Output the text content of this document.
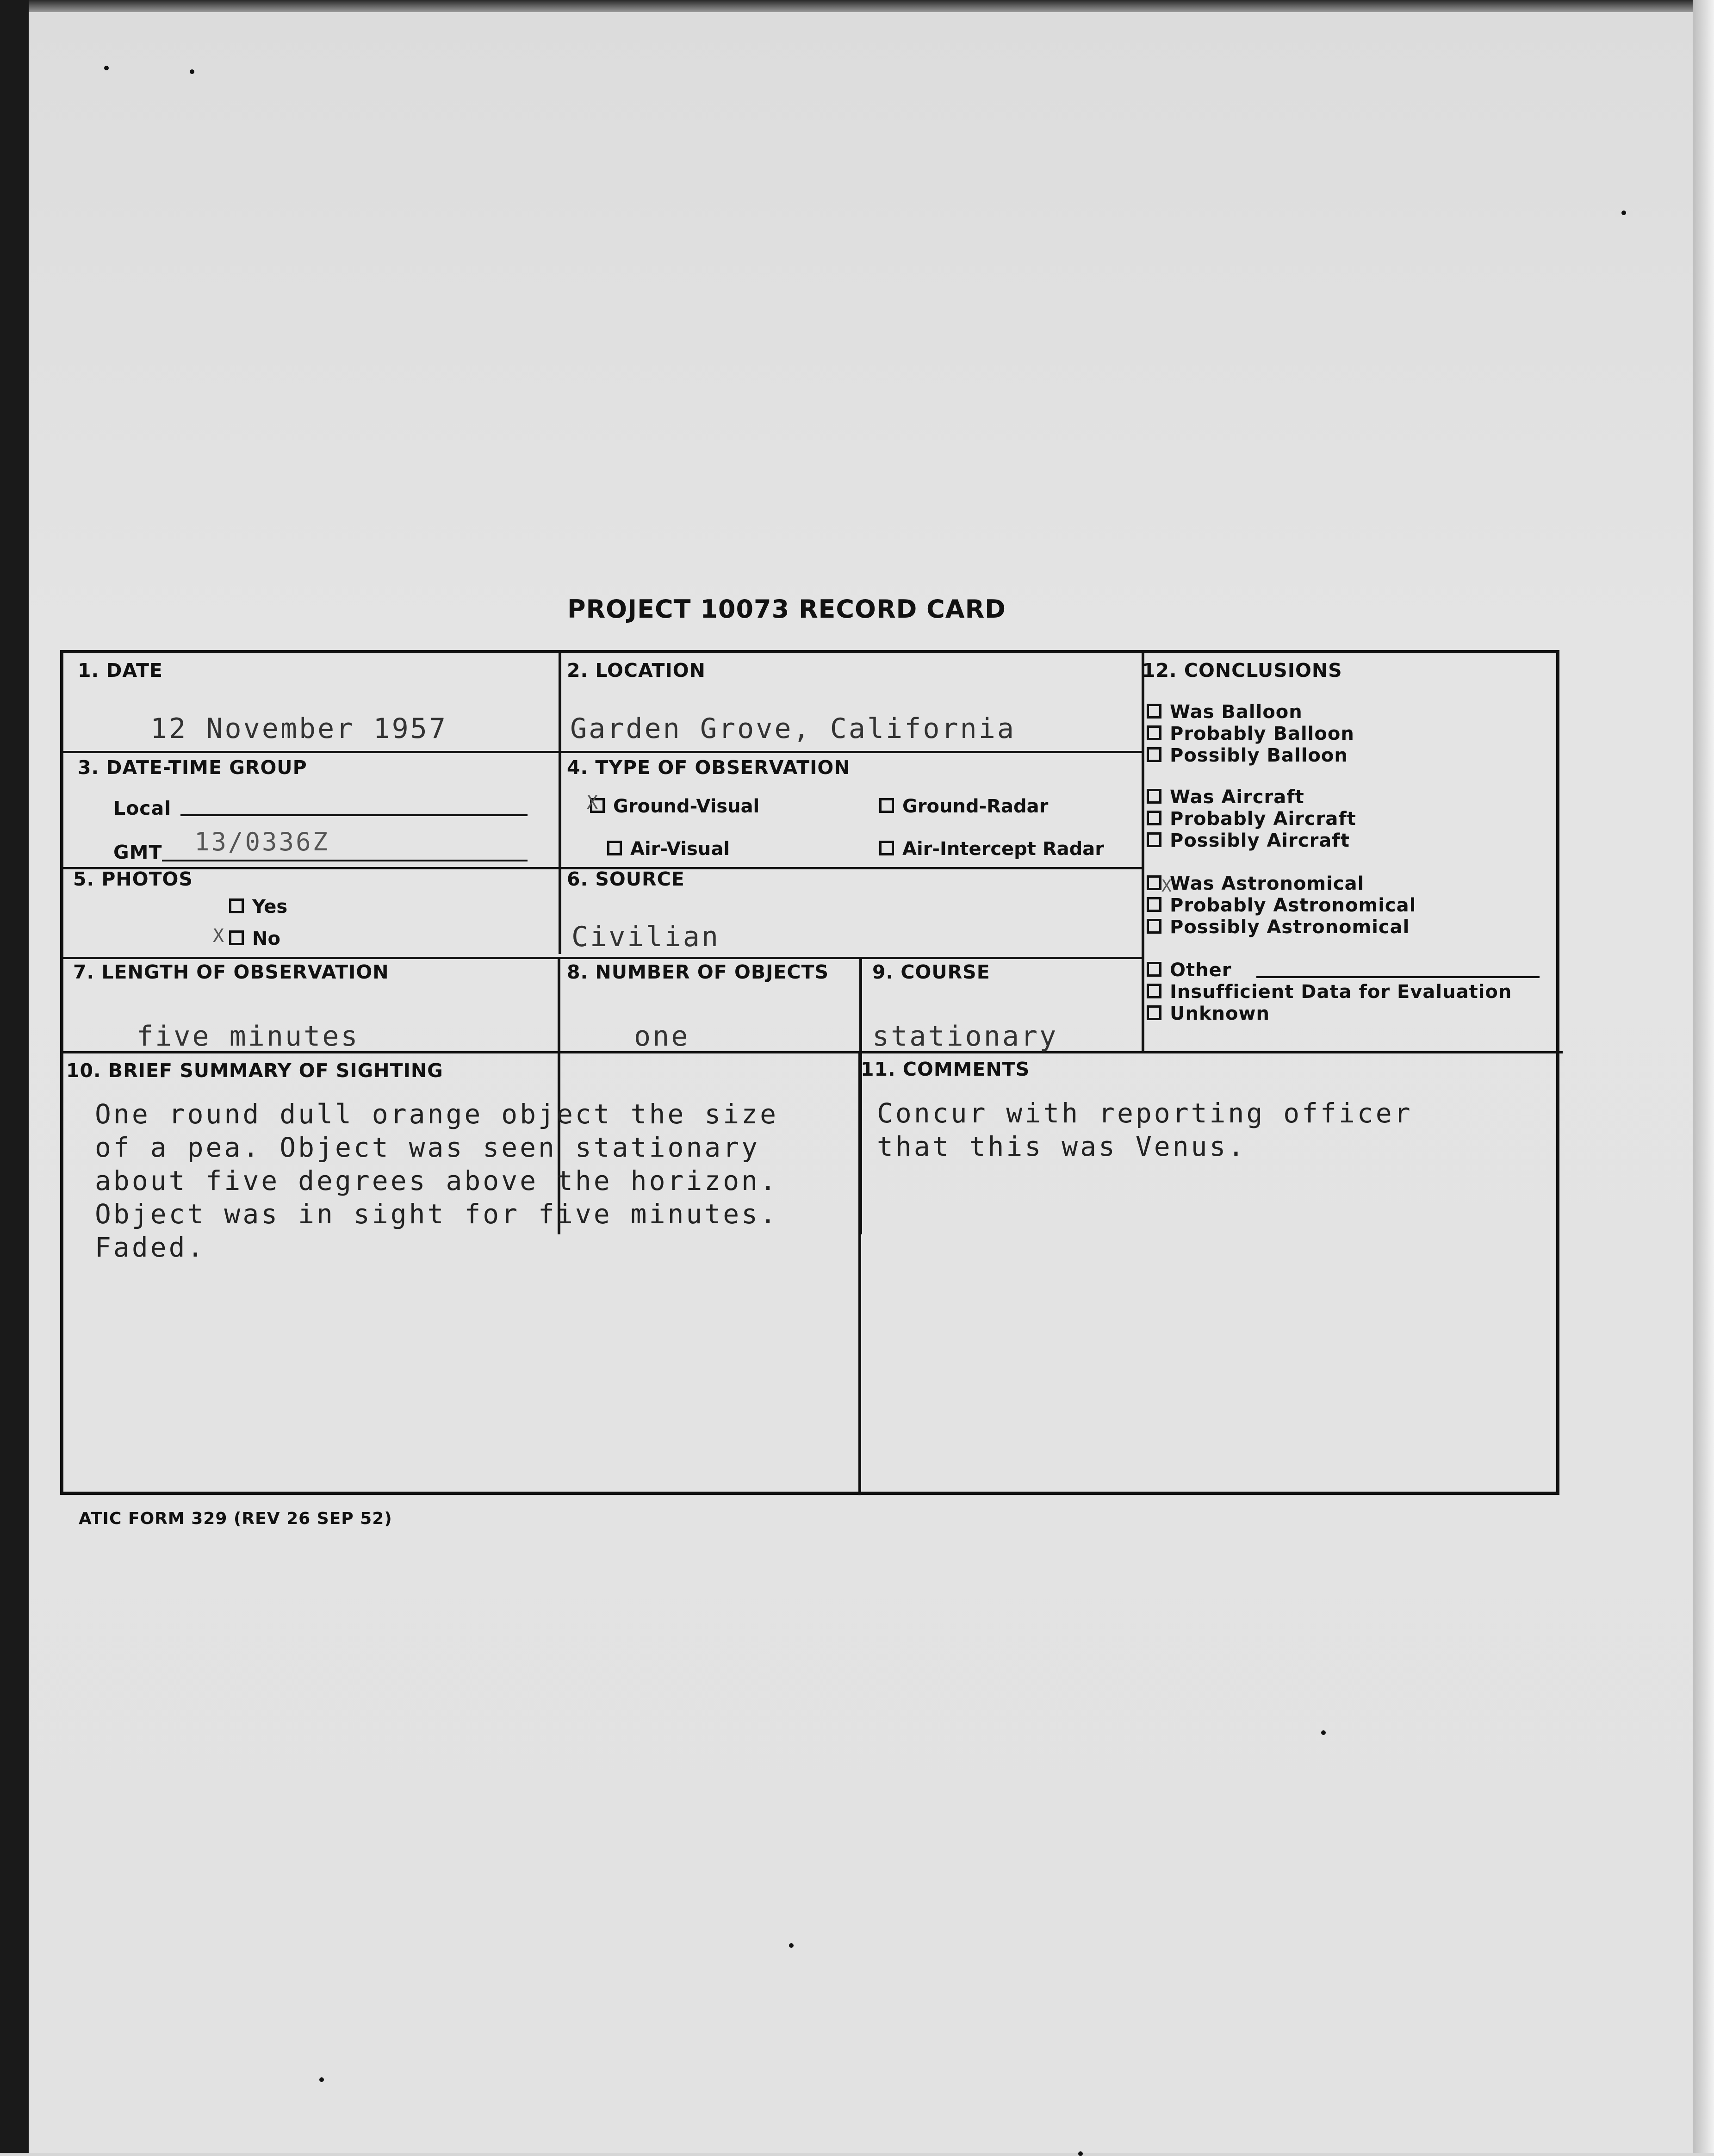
PROJECT 10073 RECORD CARD
1. DATE
12 November 1957
2. LOCATION
Garden Grove, California
3. DATE-TIME GROUP
Local
GMT 13/0336Z
4. TYPE OF OBSERVATION
Ground-Visual
X	Ground-Radar
Air-Visual	Air-Intercept Radar
5. PHOTOS
Yes
No
X
6. SOURCE
Civilian
7. LENGTH OF OBSERVATION
five minutes
8. NUMBER OF OBJECTS
one
9. COURSE
stationary
10. BRIEF SUMMARY OF SIGHTING
One round dull orange object the size
of a pea. Object was seen stationary
about five degrees above the horizon.
Object was in sight for five minutes.
Faded.
11. COMMENTS
Concur with reporting officer
that this was Venus.
12. CONCLUSIONS
Was Balloon
Probably Balloon
Possibly Balloon
Was Aircraft
Probably Aircraft
Possibly Aircraft
Was Astronomical
X
Probably Astronomical
Possibly Astronomical
Other
Insufficient Data for Evaluation
Unknown
ATIC FORM 329 (REV 26 SEP 52)
